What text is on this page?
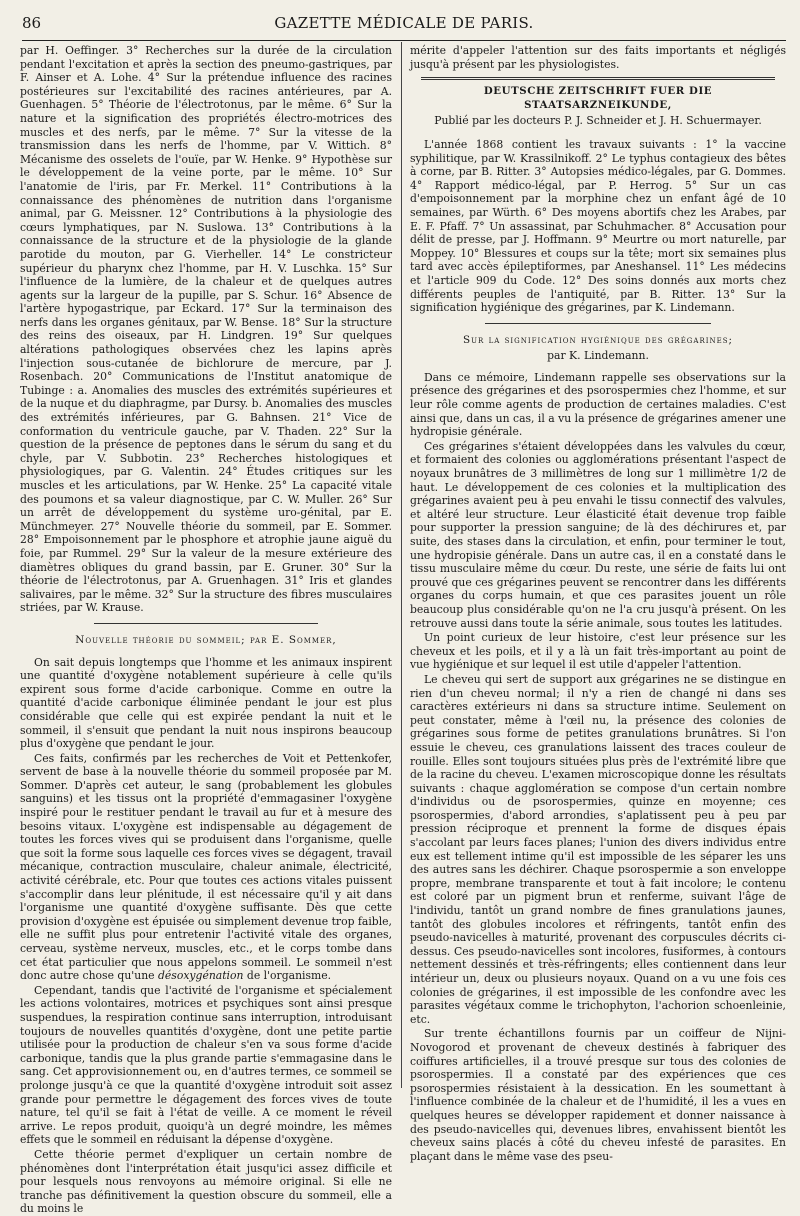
86	GAZETTE MÉDICALE DE PARIS.

par H. Oeffinger. 3° Recherches sur la durée de la circulation pendant l'excitation et après la section des pneumo-gastriques, par F. Ainser et A. Lohe. 4° Sur la prétendue influence des racines postérieures sur l'excitabilité des racines antérieures, par A. Guenhagen. 5° Théorie de l'électrotonus, par le même. 6° Sur la nature et la signification des propriétés électro-motrices des muscles et des nerfs, par le même. 7° Sur la vitesse de la transmission dans les nerfs de l'homme, par V. Wittich. 8° Mécanisme des osselets de l'ouïe, par W. Henke. 9° Hypothèse sur le développement de la veine porte, par le même. 10° Sur l'anatomie de l'iris, par Fr. Merkel. 11° Contributions à la connaissance des phénomènes de nutrition dans l'organisme animal, par G. Meissner. 12° Contributions à la physiologie des cœurs lymphatiques, par N. Suslowa. 13° Contributions à la connaissance de la structure et de la physiologie de la glande parotide du mouton, par G. Vierheller. 14° Le constricteur supérieur du pharynx chez l'homme, par H. V. Luschka. 15° Sur l'influence de la lumière, de la chaleur et de quelques autres agents sur la largeur de la pupille, par S. Schur. 16° Absence de l'artère hypogastrique, par Eckard. 17° Sur la terminaison des nerfs dans les organes génitaux, par W. Bense. 18° Sur la structure des reins des oiseaux, par H. Lindgren. 19° Sur quelques altérations pathologiques observées chez les lapins après l'injection sous-cutanée de bichlorure de mercure, par J. Rosenbach. 20° Communications de l'Institut anatomique de Tubinge : a. Anomalies des muscles des extrémités supérieures et de la nuque et du diaphragme, par Dursy. b. Anomalies des muscles des extrémités inférieures, par G. Bahnsen. 21° Vice de conformation du ventricule gauche, par V. Thaden. 22° Sur la question de la présence de peptones dans le sérum du sang et du chyle, par V. Subbotin. 23° Recherches histologiques et physiologiques, par G. Valentin. 24° Études critiques sur les muscles et les articulations, par W. Henke. 25° La capacité vitale des poumons et sa valeur diagnostique, par C. W. Muller. 26° Sur un arrêt de développement du système uro-génital, par E. Münchmeyer. 27° Nouvelle théorie du sommeil, par E. Sommer. 28° Empoisonnement par le phosphore et atrophie jaune aiguë du foie, par Rummel. 29° Sur la valeur de la mesure extérieure des diamètres obliques du grand bassin, par E. Gruner. 30° Sur la théorie de l'électrotonus, par A. Gruenhagen. 31° Iris et glandes salivaires, par le même. 32° Sur la structure des fibres musculaires striées, par W. Krause.

Nouvelle théorie du sommeil; par E. Sommer,

On sait depuis longtemps que l'homme et les animaux inspirent une quantité d'oxygène notablement supérieure à celle qu'ils expirent sous forme d'acide carbonique. Comme en outre la quantité d'acide carbonique éliminée pendant le jour est plus considérable que celle qui est expirée pendant la nuit et le sommeil, il s'ensuit que pendant la nuit nous inspirons beaucoup plus d'oxygène que pendant le jour.

Ces faits, confirmés par les recherches de Voit et Pettenkofer, servent de base à la nouvelle théorie du sommeil proposée par M. Sommer. D'après cet auteur, le sang (probablement les globules sanguins) et les tissus ont la propriété d'emmagasiner l'oxygène inspiré pour le restituer pendant le travail au fur et à mesure des besoins vitaux. L'oxygène est indispensable au dégagement de toutes les forces vives qui se produisent dans l'organisme, quelle que soit la forme sous laquelle ces forces vives se dégagent, travail mécanique, contraction musculaire, chaleur animale, électricité, activité cérébrale, etc. Pour que toutes ces actions vitales puissent s'accomplir dans leur plénitude, il est nécessaire qu'il y ait dans l'organisme une quantité d'oxygène suffisante. Dès que cette provision d'oxygène est épuisée ou simplement devenue trop faible, elle ne suffit plus pour entretenir l'activité vitale des organes, cerveau, système nerveux, muscles, etc., et le corps tombe dans cet état particulier que nous appelons sommeil. Le sommeil n'est donc autre chose qu'une désoxygénation de l'organisme.

Cependant, tandis que l'activité de l'organisme et spécialement les actions volontaires, motrices et psychiques sont ainsi presque suspendues, la respiration continue sans interruption, introduisant toujours de nouvelles quantités d'oxygène, dont une petite partie utilisée pour la production de chaleur s'en va sous forme d'acide carbonique, tandis que la plus grande partie s'emmagasine dans le sang. Cet approvisionnement ou, en d'autres termes, ce sommeil se prolonge jusqu'à ce que la quantité d'oxygène introduit soit assez grande pour permettre le dégagement des forces vives de toute nature, tel qu'il se fait à l'état de veille. A ce moment le réveil arrive. Le repos produit, quoiqu'à un degré moindre, les mêmes effets que le sommeil en réduisant la dépense d'oxygène.

Cette théorie permet d'expliquer un certain nombre de phénomènes dont l'interprétation était jusqu'ici assez difficile et pour lesquels nous renvoyons au mémoire original. Si elle ne tranche pas définitivement la question obscure du sommeil, elle a du moins le

mérite d'appeler l'attention sur des faits importants et négligés jusqu'à présent par les physiologistes.

DEUTSCHE ZEITSCHRIFT FUER DIE STAATSARZNEIKUNDE,
Publié par les docteurs P. J. Schneider et J. H. Schuermayer.

L'année 1868 contient les travaux suivants : 1° la vaccine syphilitique, par W. Krassilnikoff. 2° Le typhus contagieux des bêtes à corne, par B. Ritter. 3° Autopsies médico-légales, par G. Dommes. 4° Rapport médico-légal, par P. Herrog. 5° Sur un cas d'empoisonnement par la morphine chez un enfant âgé de 10 semaines, par Würth. 6° Des moyens abortifs chez les Arabes, par E. F. Pfaff. 7° Un assassinat, par Schuhmacher. 8° Accusation pour délit de presse, par J. Hoffmann. 9° Meurtre ou mort naturelle, par Moppey. 10° Blessures et coups sur la tête; mort six semaines plus tard avec accès épileptiformes, par Aneshansel. 11° Les médecins et l'article 909 du Code. 12° Des soins donnés aux morts chez différents peuples de l'antiquité, par B. Ritter. 13° Sur la signification hygiénique des grégarines, par K. Lindemann.

Sur la signification hygiénique des grégarines;
par K. Lindemann.

Dans ce mémoire, Lindemann rappelle ses observations sur la présence des grégarines et des psorospermies chez l'homme, et sur leur rôle comme agents de production de certaines maladies. C'est ainsi que, dans un cas, il a vu la présence de grégarines amener une hydropisie générale.

Ces grégarines s'étaient développées dans les valvules du cœur, et formaient des colonies ou agglomérations présentant l'aspect de noyaux brunâtres de 3 millimètres de long sur 1 millimètre 1/2 de haut. Le développement de ces colonies et la multiplication des grégarines avaient peu à peu envahi le tissu connectif des valvules, et altéré leur structure. Leur élasticité était devenue trop faible pour supporter la pression sanguine; de là des déchirures et, par suite, des stases dans la circulation, et enfin, pour terminer le tout, une hydropisie générale. Dans un autre cas, il en a constaté dans le tissu musculaire même du cœur. Du reste, une série de faits lui ont prouvé que ces grégarines peuvent se rencontrer dans les différents organes du corps humain, et que ces parasites jouent un rôle beaucoup plus considérable qu'on ne l'a cru jusqu'à présent. On les retrouve aussi dans toute la série animale, sous toutes les latitudes.

Un point curieux de leur histoire, c'est leur présence sur les cheveux et les poils, et il y a là un fait très-important au point de vue hygiénique et sur lequel il est utile d'appeler l'attention.

Le cheveu qui sert de support aux grégarines ne se distingue en rien d'un cheveu normal; il n'y a rien de changé ni dans ses caractères extérieurs ni dans sa structure intime. Seulement on peut constater, même à l'œil nu, la présence des colonies de grégarines sous forme de petites granulations brunâtres. Si l'on essuie le cheveu, ces granulations laissent des traces couleur de rouille. Elles sont toujours situées plus près de l'extrémité libre que de la racine du cheveu. L'examen microscopique donne les résultats suivants : chaque agglomération se compose d'un certain nombre d'individus ou de psorospermies, quinze en moyenne; ces psorospermies, d'abord arrondies, s'aplatissent peu à peu par pression réciproque et prennent la forme de disques épais s'accolant par leurs faces planes; l'union des divers individus entre eux est tellement intime qu'il est impossible de les séparer les uns des autres sans les déchirer. Chaque psorospermie a son enveloppe propre, membrane transparente et tout à fait incolore; le contenu est coloré par un pigment brun et renferme, suivant l'âge de l'individu, tantôt un grand nombre de fines granulations jaunes, tantôt des globules incolores et réfringents, tantôt enfin des pseudo-navicelles à maturité, provenant des corpuscules décrits ci-dessus. Ces pseudo-navicelles sont incolores, fusiformes, à contours nettement dessinés et très-réfringents; elles contiennent dans leur intérieur un, deux ou plusieurs noyaux. Quand on a vu une fois ces colonies de grégarines, il est impossible de les confondre avec les parasites végétaux comme le trichophyton, l'achorion schoenleinie, etc.

Sur trente échantillons fournis par un coiffeur de Nijni-Novogorod et provenant de cheveux destinés à fabriquer des coiffures artificielles, il a trouvé presque sur tous des colonies de psorospermies. Il a constaté par des expériences que ces psorospermies résistaient à la dessication. En les soumettant à l'influence combinée de la chaleur et de l'humidité, il les a vues en quelques heures se développer rapidement et donner naissance à des pseudo-navicelles qui, devenues libres, envahissent bientôt les cheveux sains placés à côté du cheveu infesté de parasites. En plaçant dans le même vase des pseu-
